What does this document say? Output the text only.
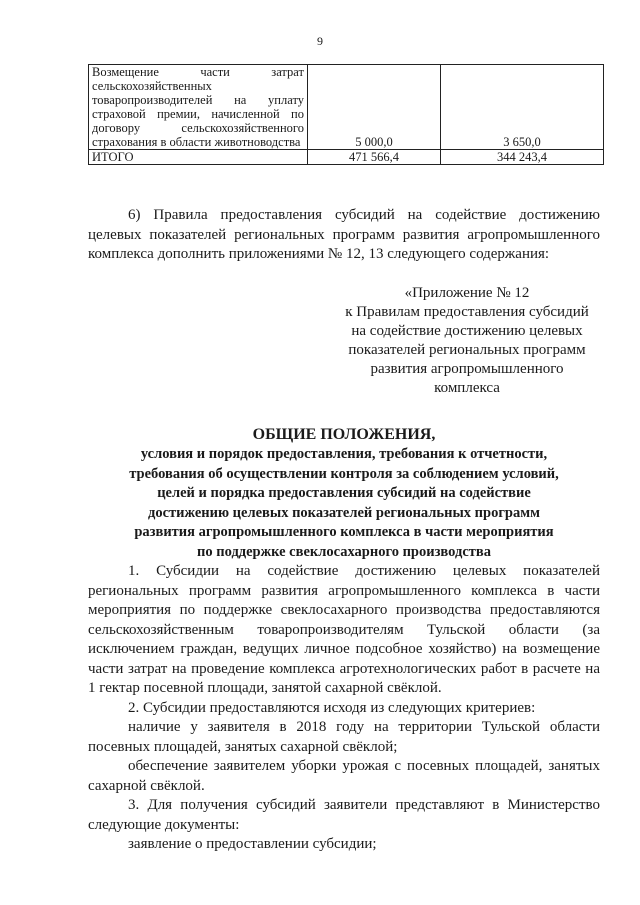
9
Возмещение части затрат сельскохозяйственных товаропроизводителей на уплату страховой премии, начисленной по договору сельскохозяйственного страхования в области животноводства	5 000,0	3 650,0
ИТОГО	471 566,4	344 243,4
6) Правила предоставления субсидий на содействие достижению целевых показателей региональных программ развития агропромышленного комплекса дополнить приложениями № 12, 13 следующего содержания:
«Приложение № 12
к Правилам предоставления субсидий
на содействие достижению целевых
показателей региональных программ
развития агропромышленного
комплекса
ОБЩИЕ ПОЛОЖЕНИЯ,
условия и порядок предоставления, требования к отчетности,
требования об осуществлении контроля за соблюдением условий,
целей и порядка предоставления субсидий на содействие
достижению целевых показателей региональных программ
развития агропромышленного комплекса в части мероприятия
по поддержке свеклосахарного производства

1. Субсидии на содействие достижению целевых показателей региональных программ развития агропромышленного комплекса в части мероприятия по поддержке свеклосахарного производства предоставляются сельскохозяйственным товаропроизводителям Тульской области (за исключением граждан, ведущих личное подсобное хозяйство) на возмещение части затрат на проведение комплекса агротехнологических работ в расчете на 1 гектар посевной площади, занятой сахарной свёклой.

2. Субсидии предоставляются исходя из следующих критериев:

наличие у заявителя в 2018 году на территории Тульской области посевных площадей, занятых сахарной свёклой;

обеспечение заявителем уборки урожая с посевных площадей, занятых сахарной свёклой.

3. Для получения субсидий заявители представляют в Министерство следующие документы:

заявление о предоставлении субсидии;
